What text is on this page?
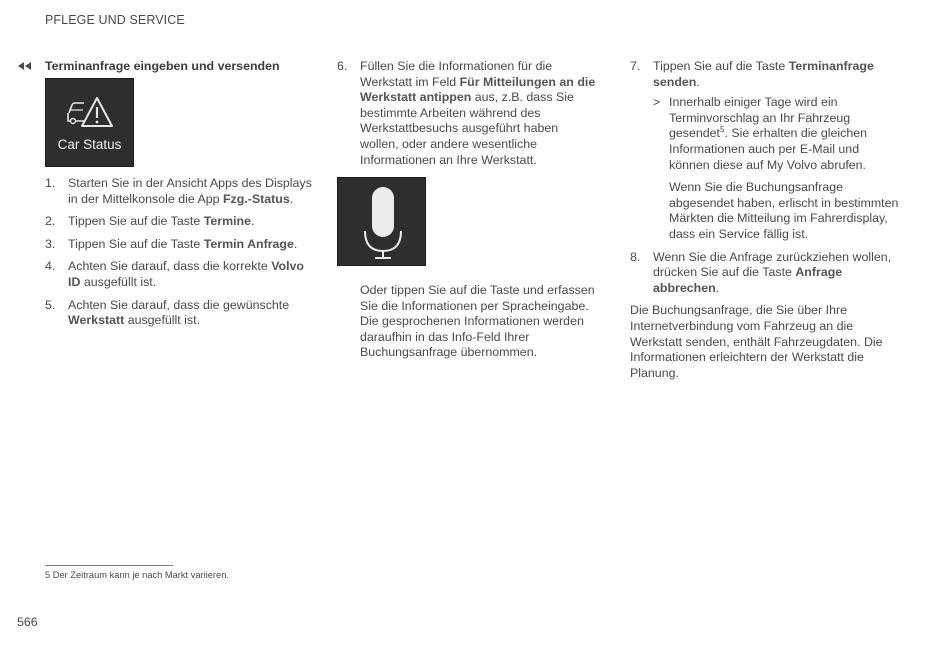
PFLEGE UND SERVICE
Terminanfrage eingeben und versenden
Car Status
1.	Starten Sie in der Ansicht Apps des Displays in der Mittelkonsole die App Fzg.-Status.
2.	Tippen Sie auf die Taste Termine.
3.	Tippen Sie auf die Taste Termin Anfrage.
4.	Achten Sie darauf, dass die korrekte Volvo ID ausgefüllt ist.
5.	Achten Sie darauf, dass die gewünschte Werkstatt ausgefüllt ist.
6.	Füllen Sie die Informationen für die Werkstatt im Feld Für Mitteilungen an die Werkstatt antippen aus, z.B. dass Sie bestimmte Arbeiten während des Werkstattbesuchs ausgeführt haben wollen, oder andere wesentliche Informationen an Ihre Werkstatt.
Oder tippen Sie auf die Taste und erfassen Sie die Informationen per Spracheingabe. Die gesprochenen Informationen werden daraufhin in das Info-Feld Ihrer Buchungsanfrage übernommen.
7.	Tippen Sie auf die Taste Terminanfrage senden.
> Innerhalb einiger Tage wird ein Terminvorschlag an Ihr Fahrzeug gesendet$^5$. Sie erhalten die gleichen Informationen auch per E-Mail und können diese auf My Volvo abrufen.
Wenn Sie die Buchungsanfrage abgesendet haben, erlischt in bestimmten Märkten die Mitteilung im Fahrerdisplay, dass ein Service fällig ist.
8.	Wenn Sie die Anfrage zurückziehen wollen, drücken Sie auf die Taste Anfrage abbrechen.
Die Buchungsanfrage, die Sie über Ihre Internetverbindung vom Fahrzeug an die Werkstatt senden, enthält Fahrzeugdaten. Die Informationen erleichtern der Werkstatt die Planung.
5 Der Zeitraum kann je nach Markt variieren.
566
